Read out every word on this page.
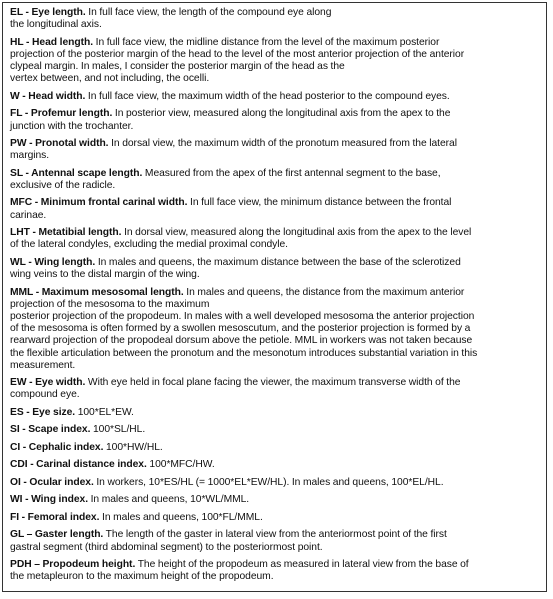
EL - Eye length. In full face view, the length of the compound eye along
the longitudinal axis.
HL - Head length. In full face view, the midline distance from the level of the maximum posterior
projection of the posterior margin of the head to the level of the most anterior projection of the anterior
clypeal margin. In males, I consider the posterior margin of the head as the
vertex between, and not including, the ocelli.
W - Head width. In full face view, the maximum width of the head posterior to the compound eyes.
FL - Profemur length. In posterior view, measured along the longitudinal axis from the apex to the
junction with the trochanter.
PW - Pronotal width. In dorsal view, the maximum width of the pronotum measured from the lateral
margins.
SL - Antennal scape length. Measured from the apex of the first antennal segment to the base,
exclusive of the radicle.
MFC - Minimum frontal carinal width. In full face view, the minimum distance between the frontal
carinae.
LHT - Metatibial length. In dorsal view, measured along the longitudinal axis from the apex to the level
of the lateral condyles, excluding the medial proximal condyle.
WL - Wing length. In males and queens, the maximum distance between the base of the sclerotized
wing veins to the distal margin of the wing.
MML - Maximum mesosomal length. In males and queens, the distance from the maximum anterior
projection of the mesosoma to the maximum
posterior projection of the propodeum. In males with a well developed mesosoma the anterior projection
of the mesosoma is often formed by a swollen mesoscutum, and the posterior projection is formed by a
rearward projection of the propodeal dorsum above the petiole. MML in workers was not taken because
the flexible articulation between the pronotum and the mesonotum introduces substantial variation in this
measurement.
EW - Eye width. With eye held in focal plane facing the viewer, the maximum transverse width of the
compound eye.
ES - Eye size. 100*EL*EW.
SI - Scape index. 100*SL/HL.
CI - Cephalic index. 100*HW/HL.
CDI - Carinal distance index. 100*MFC/HW.
OI - Ocular index. In workers, 10*ES/HL (= 1000*EL*EW/HL). In males and queens, 100*EL/HL.
WI - Wing index. In males and queens, 10*WL/MML.
FI - Femoral index. In males and queens, 100*FL/MML.
GL – Gaster length. The length of the gaster in lateral view from the anteriormost point of the first
gastral segment (third abdominal segment) to the posteriormost point.
PDH – Propodeum height. The height of the propodeum as measured in lateral view from the base of
the metapleuron to the maximum height of the propodeum.
